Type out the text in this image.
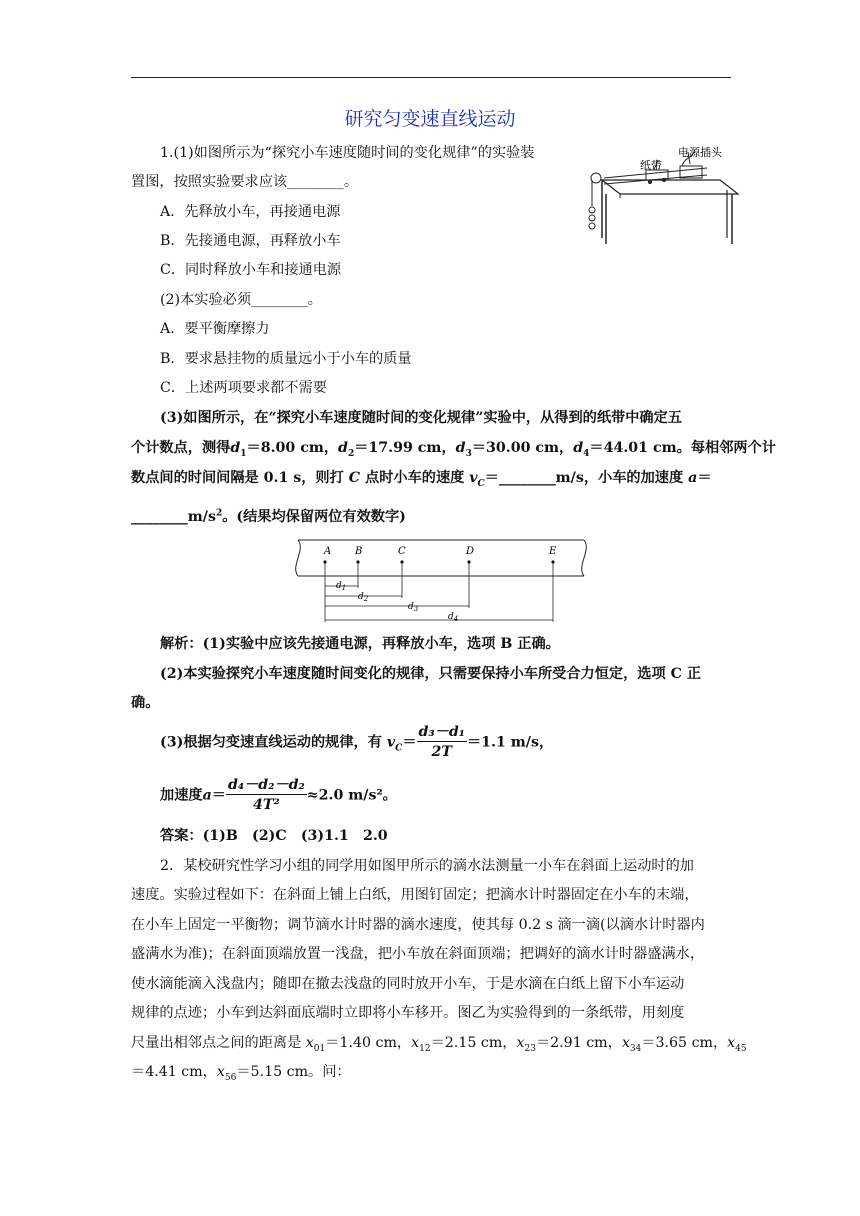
研究匀变速直线运动
电源插头
纸带
1.(1)如图所示为“探究小车速度随时间的变化规律”的实验装
置图，按照实验要求应该________。
A．先释放小车，再接通电源
B．先接通电源，再释放小车
C．同时释放小车和接通电源
(2)本实验必须________。
A．要平衡摩擦力
B．要求悬挂物的质量远小于小车的质量
C．上述两项要求都不需要
(3)如图所示，在“探究小车速度随时间的变化规律”实验中，从得到的纸带中确定五
个计数点，测得$d_1=8.00$ cm，$d_2=17.99$ cm，$d_3=30.00$ cm，$d_4=44.01$ cm。每相邻两个计
数点间的时间间隔是 0.1 s，则打 C 点时小车的速度 $v_C=\_\_\_\_\_\_\_\_m/s$，小车的加速度 a＝
$\_\_\_\_\_\_\_\_m/s^2$。(结果均保留两位有效数字)
A B	C	D	E
$d_1$
$d_2$
$d_3$
$d_4$
解析：(1)实验中应该先接通电源，再释放小车，选项 B 正确。
(2)本实验探究小车速度随时间变化的规律，只需要保持小车所受合力恒定，选项 C 正
确。
(3)根据匀变速直线运动的规律，有 $v_C= \frac{\text{d₃－d₁}}{2T} =1.1$ m/s，
加速度$a= \frac{\text{d₄－d₂－d₂}}{\text{4T²}} \approx 2.0$ m/s²。
答案：(1)B　(2)C　(3)1.1　2.0
2．某校研究性学习小组的同学用如图甲所示的滴水法测量一小车在斜面上运动时的加
速度。实验过程如下：在斜面上铺上白纸，用图钉固定；把滴水计时器固定在小车的末端，
在小车上固定一平衡物；调节滴水计时器的滴水速度，使其每 0.2 s 滴一滴(以滴水计时器内
盛满水为准)；在斜面顶端放置一浅盘，把小车放在斜面顶端；把调好的滴水计时器盛满水，
使水滴能滴入浅盘内；随即在撤去浅盘的同时放开小车，于是水滴在白纸上留下小车运动
规律的点迹；小车到达斜面底端时立即将小车移开。图乙为实验得到的一条纸带，用刻度
尺量出相邻点之间的距离是 $x_{01}=1.40$ cm，$x_{12}=2.15$ cm，$x_{23}=2.91$ cm，$x_{34}=3.65$ cm，$x_{45}$
＝4.41 cm，$x_{56}=5.15$ cm。问：
